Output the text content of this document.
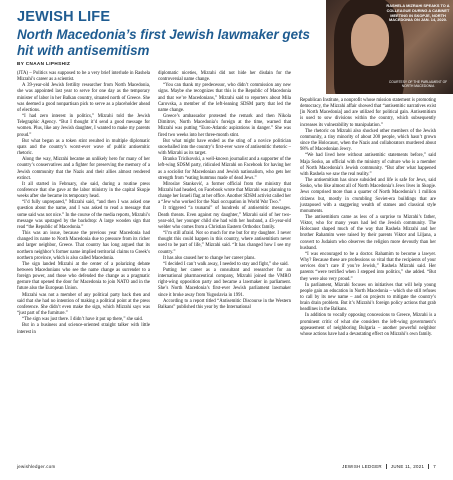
JEWISH LIFE
North Macedonia’s first Jewish lawmaker gets hit with antisemitism
BY CNAAN LIPHSHIZ
RASHELA MIZRAHI SPEAKS TO A COLLEAGUE DURING A CABINET MEETING IN SKOPJE, NORTH MACEDONIA ON JAN. 14, 2020.
COURTESY OF THE PARLIAMENT OF NORTH MACEDONIA

(JTA) – Politics was supposed to be a very brief interlude in Rashela Mizrahi’s career as a scientist.

A 39-year-old Jewish fertility researcher from North Macedonia, she was appointed last year to serve for one day as the temporary minister of labor in her Balkan country, situated north of Greece. She was deemed a good nonpartisan pick to serve as a placeholder ahead of elections.

“I had zero interest in politics,” Mizrahi told the Jewish Telegraphic Agency. “But I thought it’d send a good message for women. Plus, like any Jewish daughter, I wanted to make my parents proud.”

But what began as a token stint resulted in multiple diplomatic spats and the country’s worst-ever wave of public antisemitic rhetoric.

Along the way, Mizrahi became an unlikely hero for many of her country’s conservatives and a fighter for preserving the memory of a Jewish community that the Nazis and their allies almost rendered extinct.

It all started in February, she said, during a routine press conference that she gave at the labor ministry in the capital Skopje weeks after she became its temporary head.

“I’d fully unprepared,” Mizrahi said, “and then I was asked one question about the name, and I was asked to read a message that some said was not nice.” In the course of the media reports, Mizrahi’s message was upstaged by the backdrop: A large wooden sign that read “the Republic of Macedonia.”

This was an issue, because the previous year Macedonia had changed its name to North Macedonia due to pressure from its richer and larger neighbor, Greece. That country has long argued that its northern neighbor’s former name implied territorial claims to Greek’s northern province, which is also called Macedonia.

The sign landed Mizrahi at the center of a polarizing debate between Macedonians who see the name change as surrender to a foreign power, and those who defended the change as a pragmatic gesture that opened the door for Macedonia to join NATO and in the future also the European Union.

Mizrahi was not a member of any political party back then and said that she had no intention of making a political point at the press conference. She didn’t even make the sign, which Mizrahi says was “just part of the furniture.”

“The sign was just there. I didn’t have it put up there,” she said.

But in a business and science-oriented straight talker with little interest in

diplomatic niceties, Mizrahi did not hide her disdain for the controversial name change.

“You can thank my predecessor, who didn’t commission any new signs. Maybe she recognizes that this is the Republic of Macedonia and that we’re Macedonians,” Mizrahi said to reporters about Mila Carovska, a member of the left-leaning SDSM party that led the name change.

Greece’s ambassador protested the remark and then Nikola Dimitrov, North Macedonia’s foreign at the time, warned that Mizrahi was putting “Euro-Atlantic aspirations in danger.” She was fired two weeks into her three-month stint.

But what might have ended as the sting of a novice politician snowballed into the country’s first-ever wave of antisemitic rhetoric – with Mizrahi as its target.

Branko Tricikovski, a well-known journalist and a supporter of the left-wing SDSM party, ridiculed Mizrahi on Facebook for having her as a sociolist for Macedonian and Jewish nationalism, who gets her strength from “eating hummus made of dead Jews.”

Miroslav Stanković, a former official from the ministry that Mizrahi had headed, on Facebook wrote that Mizrahi was planning to change her Israeli flag at her office. Another SDSM activist called her a “Jew who worked for the Nazi occupation in World War Two.”

It triggered “a tsunami” of hundreds of antisemitic messages. Death threats. Even against my daughter,” Mizrahi said of her two-year-old, her younger child she had with her husband, a 43-year-old welder who comes from a Christian Eastern Orthodox family.

“I’m still afraid. Not so much for me but for my daughter. I never thought this could happen in this country, where antisemitism never used to be part of life,” Mizrahi said. “It has changed how I see my country.”

It has also caused her to change her career plans.

“I decided I can’t walk away, I needed to stay and fight,” she said.

Putting her career as a consultant and researcher for an international pharmaceutical company, Mizrahi joined the VMRO right-wing opposition party and became a lawmaker in parliament. She’s North Macedonia’s first-ever Jewish parliament lawmaker since it broke away from Yugoslavia in 1991.

According to a report titled “Antisemitic Discourse in the Western Balkans” published this year by the International

Republican Institute, a nonprofit whose mission statement is promoting democracy, the Mizrahi affair showed that “antisemitic narratives exist [in North Macedonia] and are utilized for political gain. Antisemitism is used to sow divisions within the country, which subsequently increases its vulnerability to manipulation.”

The rhetoric on Mizrahi also shocked other members of the Jewish community, a tiny minority of about 200 people, which hasn’t grown since the Holocaust, when the Nazis and collaborators murdered about 98% of Macedonian Jewry.

“We had lived here without antisemitic statements before,” said Maja Sosko, an official with the ministry of culture who is a member of North Macedonia’s Jewish community. “But after what happened with Rashela we saw the real reality.”

The antisemitism has since subsided and life is safe for Jews, said Sosko, who like almost all of North Macedonia’s Jews lives in Skopje. Jews comprised more than a quarter of North Macedonia’s 1 million citizens but, mostly in crumbling Soviet-era buildings that are juxtaposed with a staggering wealth of statues and classical style monuments.

The antisemitism came as less of a surprise to Mizrahi’s father, Viktor, who for many years had led the Jewish community. The Holocaust shaped much of the way that Rashela Mizrahi and her brother Rahamim were raised by their parents Viktor and Liljana, a convert to Judaism who observes the religion more devoutly than her husband.

“I was encouraged to be a doctor. Rahamim to become a lawyer. Why? Because these are professions so vital that the recipients of your services don’t care if you’re Jewish,” Rashela Mizrahi said. Her parents “were terrified when I stepped into politics,” she added. “But they were also very proud.”

In parliament, Mizrahi focuses on initiatives that will help young people gain an education in North Macedonia – which she still refuses to call by its new name – and on projects to mitigate the country’s brain drain problem. But it’s Mizrahi’s foreign policy actions that grab headlines in the Balkans.

In addition to vocally opposing concessions to Greece, Mizrahi is a prominent critic of what she considers the left-wing government’s appeasement of neighboring Bulgaria – another powerful neighbor whose actions have had a devastating effect on Mizrahi’s own family.

jewishledger.com	JEWISH LEDGER JUNE 11, 2021 7
